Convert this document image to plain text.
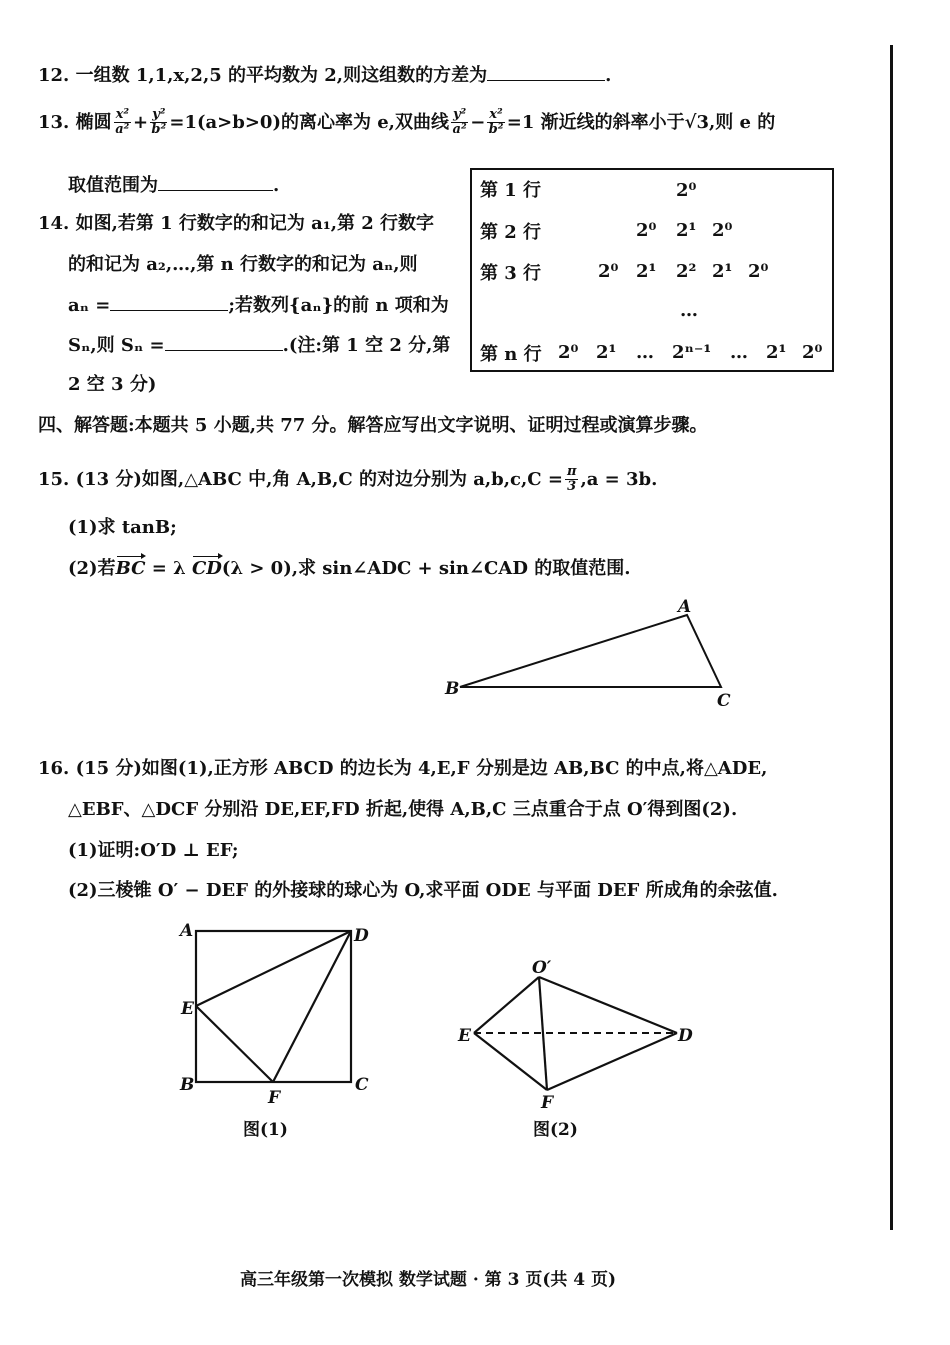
12. 一组数 1,1,x,2,5 的平均数为 2,则这组数的方差为	.
13. 椭圆 $\frac{\text{x²}}{\text{a²}} + \frac{\text{y²}}{\text{b²}} =1(a>b>0)$的离心率为 e,双曲线 $\frac{\text{y²}}{\text{a²}} - \frac{\text{x²}}{\text{b²}} =1$ 渐近线的斜率小于√3,则 e 的
取值范围为	.
14. 如图,若第 1 行数字的和记为 a₁,第 2 行数字
的和记为 a₂,…,第 n 行数字的和记为 aₙ,则
aₙ =	;若数列{aₙ}的前 n 项和为
Sₙ,则 Sₙ =	.(注:第 1 空 2 分,第
2 空 3 分)
第 1 行	2⁰
第 2 行	2⁰ 2¹ 2⁰
第 3 行	2⁰ 2¹ 2² 2¹ 2⁰
…
第 n 行 2⁰ 2¹ … 2ⁿ⁻¹ … 2¹ 2⁰
四、解答题:本题共 5 小题,共 77 分。解答应写出文字说明、证明过程或演算步骤。
15. (13 分)如图,△ABC 中,角 A,B,C 的对边分别为 $a,b,c,C = \frac{\pi}{3} ,a = 3b$.
(1)求 tanB;
(2)若BC = λ CD(λ > 0),求 sin∠ADC + sin∠CAD 的取值范围.
A
B
C
16. (15 分)如图(1),正方形 ABCD 的边长为 4,E,F 分别是边 AB,BC 的中点,将△ADE,
△EBF、△DCF 分别沿 DE,EF,FD 折起,使得 A,B,C 三点重合于点 O′得到图(2).
(1)证明:O′D ⊥ EF;
(2)三棱锥 O′ − DEF 的外接球的球心为 O,求平面 ODE 与平面 DEF 所成角的余弦值.
A	D
E
B	C
F
O′
E	D
F
图(1)	图(2)
高三年级第一次模拟 数学试题 · 第 3 页(共 4 页)
